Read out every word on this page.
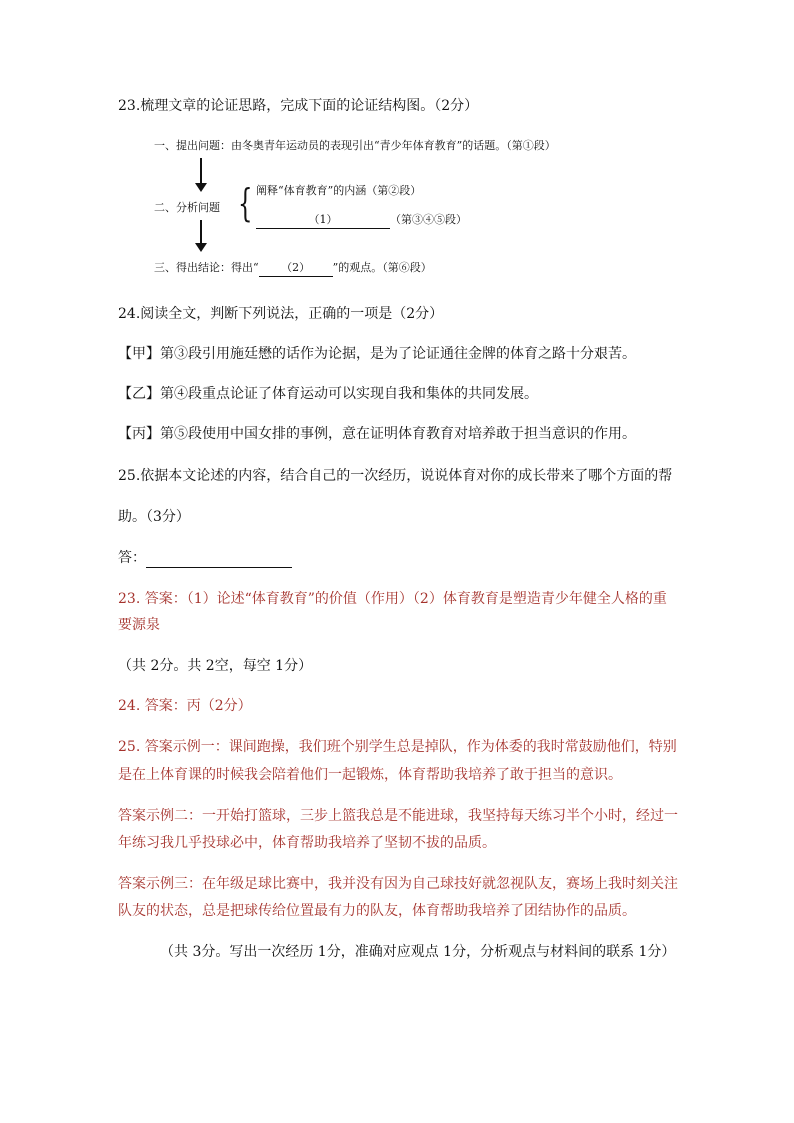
23.梳理文章的论证思路，完成下面的论证结构图。（2分）
一、提出问题：由冬奥青年运动员的表现引出“青少年体育教育”的话题。（第①段）
二、分析问题 { 阐释“体育教育”的内涵（第②段）
（1）	（第③④⑤段）
三、得出结论：得出“ （2） ”的观点。（第⑥段）
24.阅读全文，判断下列说法，正确的一项是（2分）
【甲】第③段引用施廷懋的话作为论据，是为了论证通往金牌的体育之路十分艰苦。
【乙】第④段重点论证了体育运动可以实现自我和集体的共同发展。
【丙】第⑤段使用中国女排的事例，意在证明体育教育对培养敢于担当意识的作用。
25.依据本文论述的内容，结合自己的一次经历，说说体育对你的成长带来了哪个方面的帮
助。（3分）
答：
23. 答案：（1）论述“体育教育”的价值（作用）（2）体育教育是塑造青少年健全人格的重
要源泉
（共 2分。共 2空，每空 1分）
24. 答案：丙（2分）
25. 答案示例一：课间跑操，我们班个别学生总是掉队，作为体委的我时常鼓励他们，特别
是在上体育课的时候我会陪着他们一起锻炼，体育帮助我培养了敢于担当的意识。
答案示例二：一开始打篮球，三步上篮我总是不能进球，我坚持每天练习半个小时，经过一
年练习我几乎投球必中，体育帮助我培养了坚韧不拔的品质。
答案示例三：在年级足球比赛中，我并没有因为自己球技好就忽视队友，赛场上我时刻关注
队友的状态，总是把球传给位置最有力的队友，体育帮助我培养了团结协作的品质。
（共 3分。写出一次经历 1分，准确对应观点 1分，分析观点与材料间的联系 1分）
